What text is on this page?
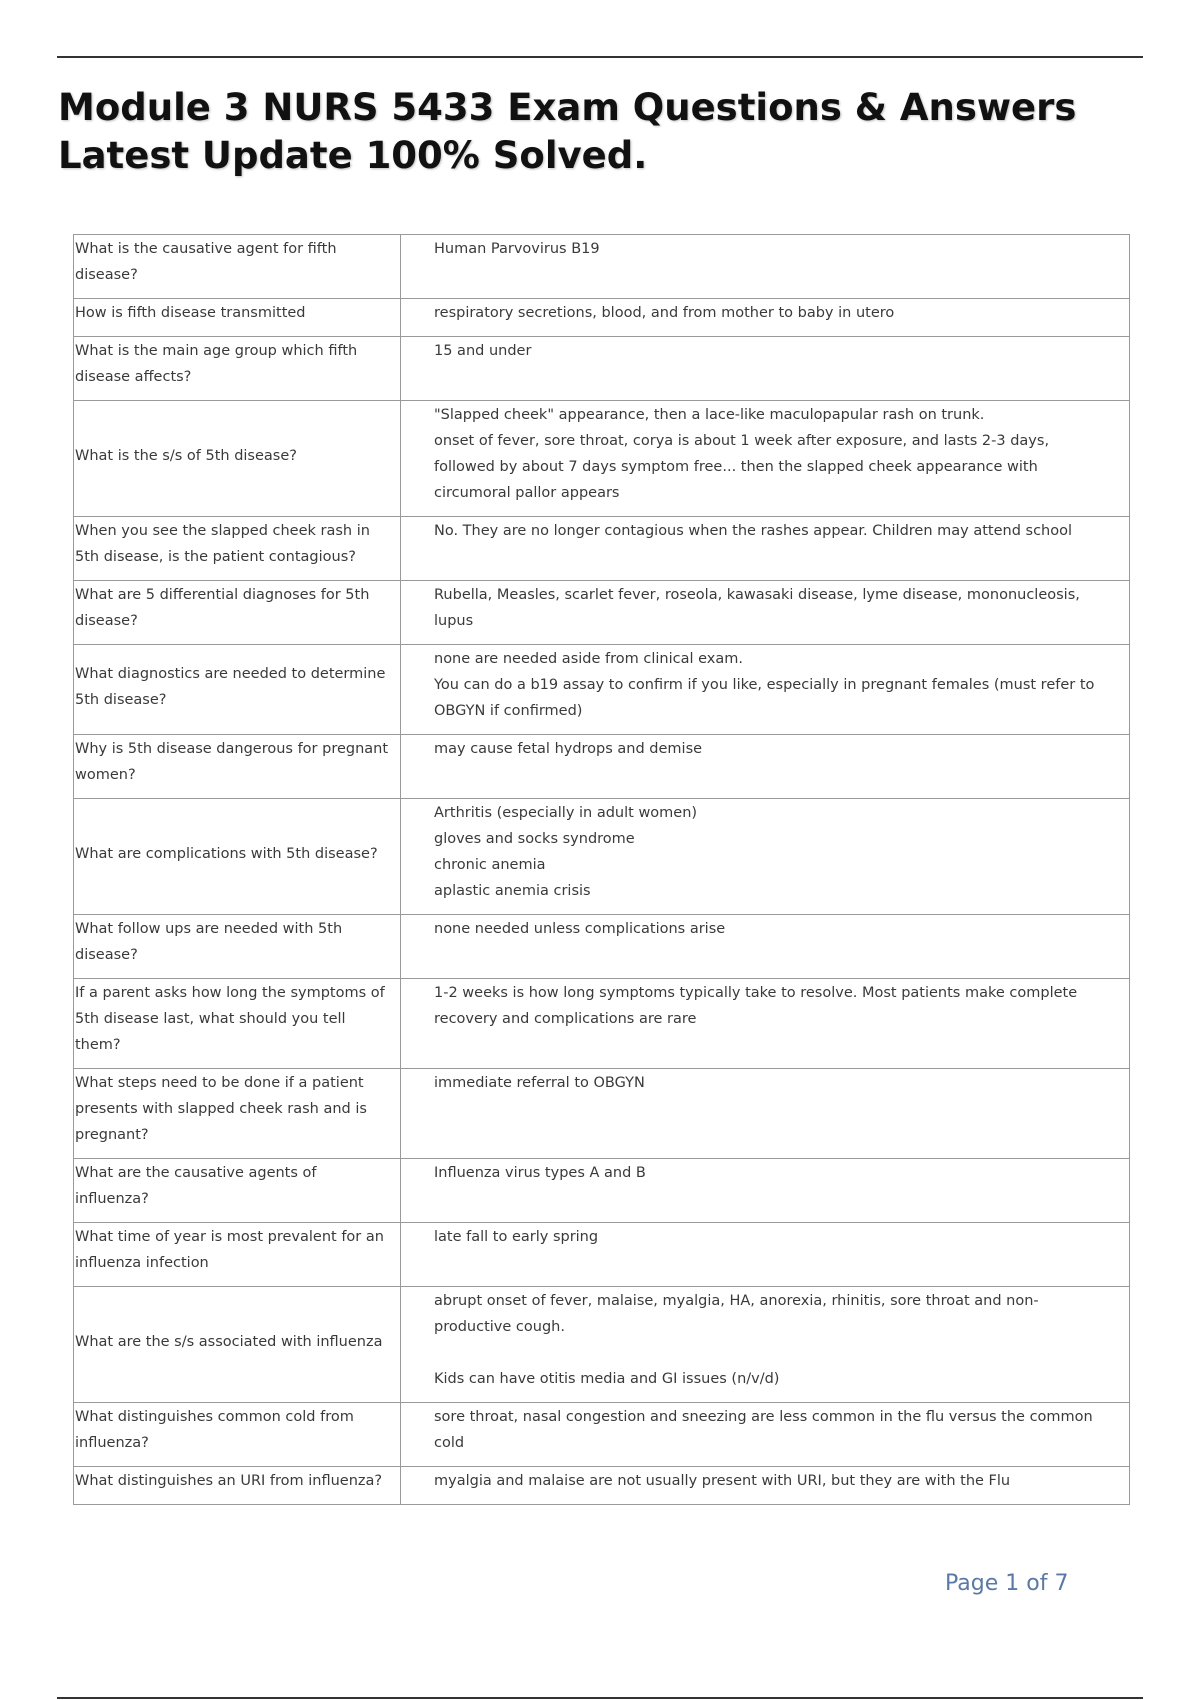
Module 3 NURS 5433 Exam Questions & Answers Latest Update 100% Solved.
What is the causative agent for fifth disease?	Human Parvovirus B19
How is fifth disease transmitted	respiratory secretions, blood, and from mother to baby in utero
What is the main age group which fifth disease affects?	15 and under
What is the s/s of 5th disease?	"Slapped cheek" appearance, then a lace-like maculopapular rash on trunk.
onset of fever, sore throat, corya is about 1 week after exposure, and lasts 2-3 days, followed by about 7 days symptom free... then the slapped cheek appearance with circumoral pallor appears
When you see the slapped cheek rash in 5th disease, is the patient contagious?	No. They are no longer contagious when the rashes appear. Children may attend school
What are 5 differential diagnoses for 5th disease?	Rubella, Measles, scarlet fever, roseola, kawasaki disease, lyme disease, mononucleosis, lupus
What diagnostics are needed to determine 5th disease?	none are needed aside from clinical exam.
You can do a b19 assay to confirm if you like, especially in pregnant females (must refer to OBGYN if confirmed)
Why is 5th disease dangerous for pregnant women?	may cause fetal hydrops and demise
What are complications with 5th disease?	Arthritis (especially in adult women)
gloves and socks syndrome
chronic anemia
aplastic anemia crisis
What follow ups are needed with 5th disease?	none needed unless complications arise
If a parent asks how long the symptoms of 5th disease last, what should you tell them?	1-2 weeks is how long symptoms typically take to resolve. Most patients make complete recovery and complications are rare
What steps need to be done if a patient presents with slapped cheek rash and is pregnant?	immediate referral to OBGYN
What are the causative agents of influenza?	Influenza virus types A and B
What time of year is most prevalent for an influenza infection	late fall to early spring
What are the s/s associated with influenza	abrupt onset of fever, malaise, myalgia, HA, anorexia, rhinitis, sore throat and non-productive cough.

Kids can have otitis media and GI issues (n/v/d)
What distinguishes common cold from influenza?	sore throat, nasal congestion and sneezing are less common in the flu versus the common cold
What distinguishes an URI from influenza?	myalgia and malaise are not usually present with URI, but they are with the Flu
Page 1 of 7
